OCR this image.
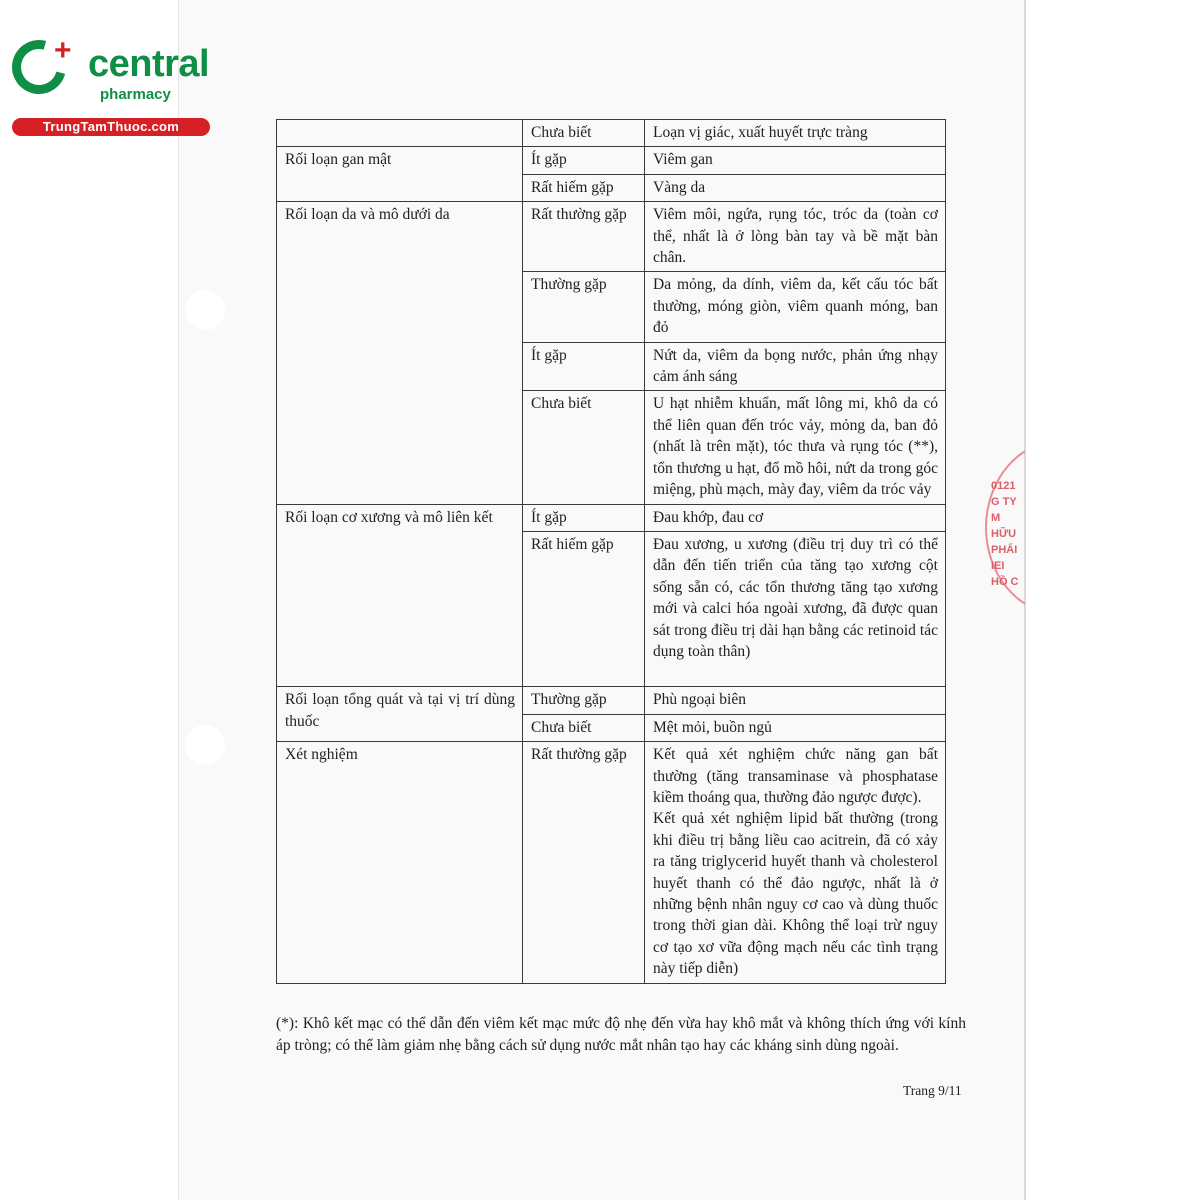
+ central
pharmacy
TrungTamThuoc.com
0121
G TY
M HỮU
PHẨI
IEI
HỒ C
	Chưa biết	Loạn vị giác, xuất huyết trực tràng
Rối loạn gan mật	Ít gặp	Viêm gan
	Rất hiếm gặp	Vàng da
Rối loạn da và mô dưới da	Rất thường gặp	Viêm môi, ngứa, rụng tóc, tróc da (toàn cơ thể, nhất là ở lòng bàn tay và bề mặt bàn chân.
	Thường gặp	Da mỏng, da dính, viêm da, kết cấu tóc bất thường, móng giòn, viêm quanh móng, ban đỏ
	Ít gặp	Nứt da, viêm da bọng nước, phản ứng nhạy cảm ánh sáng
	Chưa biết	U hạt nhiễm khuẩn, mất lông mi, khô da có thể liên quan đến tróc vảy, mỏng da, ban đỏ (nhất là trên mặt), tóc thưa và rụng tóc (**), tổn thương u hạt, đổ mồ hôi, nứt da trong góc miệng, phù mạch, mày đay, viêm da tróc vảy
Rối loạn cơ xương và mô liên kết	Ít gặp	Đau khớp, đau cơ
	Rất hiếm gặp	Đau xương, u xương (điều trị duy trì có thể dẫn đến tiến triển của tăng tạo xương cột sống sẵn có, các tổn thương tăng tạo xương mới và calci hóa ngoài xương, đã được quan sát trong điều trị dài hạn bằng các retinoid tác dụng toàn thân)
Rối loạn tổng quát và tại vị trí dùng thuốc	Thường gặp	Phù ngoại biên
	Chưa biết	Mệt mỏi, buồn ngủ
Xét nghiệm	Rất thường gặp	Kết quả xét nghiệm chức năng gan bất thường (tăng transaminase và phosphatase kiềm thoáng qua, thường đảo ngược được).
Kết quả xét nghiệm lipid bất thường (trong khi điều trị bằng liều cao acitrein, đã có xảy ra tăng triglycerid huyết thanh và cholesterol huyết thanh có thể đảo ngược, nhất là ở những bệnh nhân nguy cơ cao và dùng thuốc trong thời gian dài. Không thể loại trừ nguy cơ tạo xơ vữa động mạch nếu các tình trạng này tiếp diễn)
(*): Khô kết mạc có thể dẫn đến viêm kết mạc mức độ nhẹ đến vừa hay khô mắt và không thích ứng với kính áp tròng; có thể làm giảm nhẹ bằng cách sử dụng nước mắt nhân tạo hay các kháng sinh dùng ngoài.
Trang 9/11
